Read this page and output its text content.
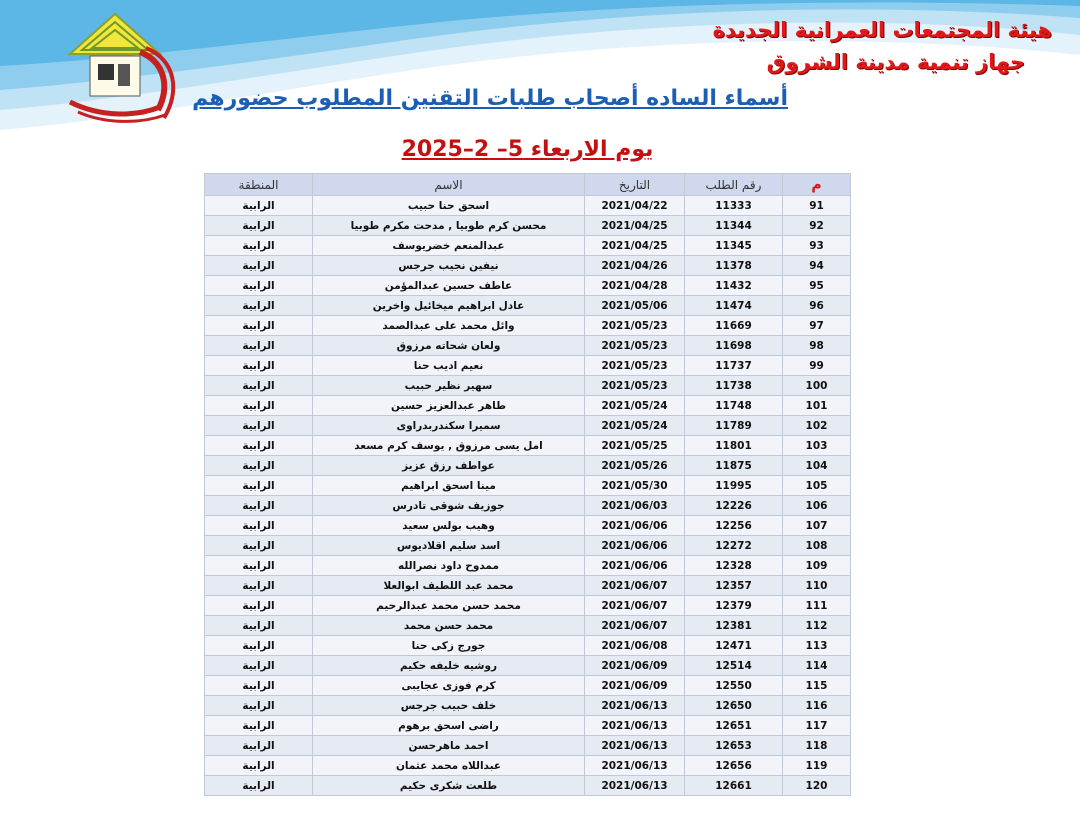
هيئة المجتمعات العمرانية الجديدة
جهاز تنمية مدينة الشروق
أسماء الساده أصحاب طلبات التقنين المطلوب حضورهم
يوم الاربعاء 5– 2–2025
م	رقم الطلب	التاريخ	الاسم	المنطقة
91	11333	2021/04/22	اسحق حنا حبيب	الرابية
92	11344	2021/04/25	محسن كرم طوبيا , مدحت مكرم طوبيا	الرابية
93	11345	2021/04/25	عبدالمنعم خضريوسف	الرابية
94	11378	2021/04/26	نيفين نجيب جرجس	الرابية
95	11432	2021/04/28	عاطف حسين عبدالمؤمن	الرابية
96	11474	2021/05/06	عادل ابراهيم ميخائيل واخرين	الرابية
97	11669	2021/05/23	وائل محمد على عبدالصمد	الرابية
98	11698	2021/05/23	ولعان شحاته مرزوق	الرابية
99	11737	2021/05/23	نعيم اديب حنا	الرابية
100	11738	2021/05/23	سهير نظير حبيب	الرابية
101	11748	2021/05/24	طاهر عبدالعزيز حسين	الرابية
102	11789	2021/05/24	سميرا سكندربدراوى	الرابية
103	11801	2021/05/25	امل يسى مرزوق , يوسف كرم مسعد	الرابية
104	11875	2021/05/26	عواطف رزق عزيز	الرابية
105	11995	2021/05/30	مينا اسحق ابراهيم	الرابية
106	12226	2021/06/03	جوزيف شوقى تادرس	الرابية
107	12256	2021/06/06	وهيب بولس سعيد	الرابية
108	12272	2021/06/06	اسد سليم اقلاديوس	الرابية
109	12328	2021/06/06	ممدوح داود نصرالله	الرابية
110	12357	2021/06/07	محمد عبد اللطيف ابوالعلا	الرابية
111	12379	2021/06/07	محمد حسن محمد عبدالرحيم	الرابية
112	12381	2021/06/07	محمد حسن محمد	الرابية
113	12471	2021/06/08	جورج زكى حنا	الرابية
114	12514	2021/06/09	روشيه خليفه حكيم	الرابية
115	12550	2021/06/09	كرم فوزى عجايبى	الرابية
116	12650	2021/06/13	خلف حبيب جرجس	الرابية
117	12651	2021/06/13	راضى اسحق برهوم	الرابية
118	12653	2021/06/13	احمد ماهرحسن	الرابية
119	12656	2021/06/13	عبداللاه محمد عثمان	الرابية
120	12661	2021/06/13	طلعت شكرى حكيم	الرابية
